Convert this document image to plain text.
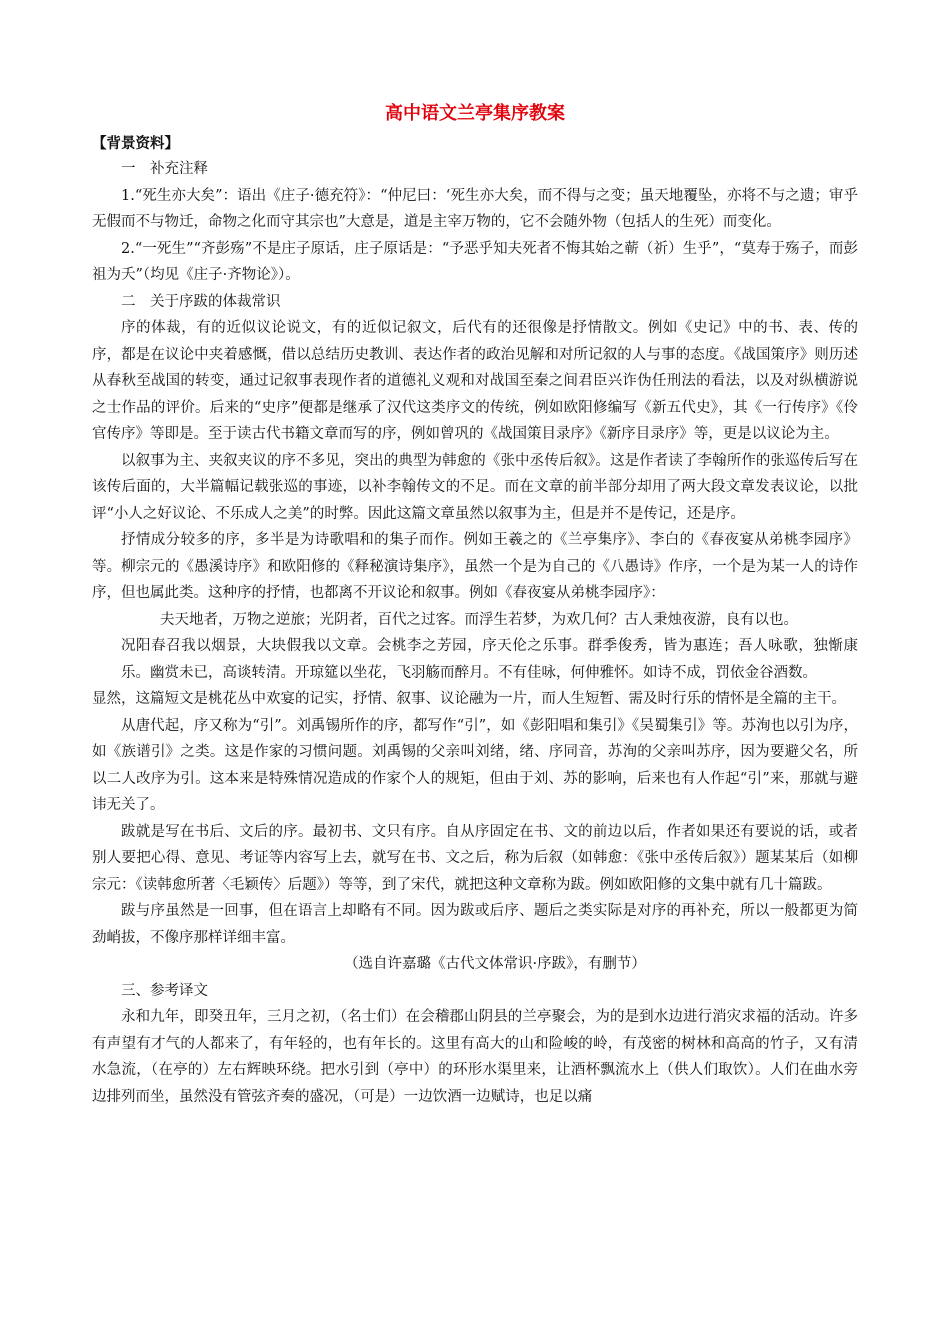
高中语文兰亭集序教案
【背景资料】
一　补充注释

1.“死生亦大矣”：语出《庄子·德充符》：“仲尼曰：‘死生亦大矣，而不得与之变；虽天地覆坠，亦将不与之遗；审乎无假而不与物迁，命物之化而守其宗也”大意是，道是主宰万物的，它不会随外物（包括人的生死）而变化。

2.“一死生”“齐彭殇”不是庄子原话，庄子原话是：“予恶乎知夫死者不悔其始之蕲（祈）生乎”，“莫寿于殇子，而彭祖为夭”（均见《庄子·齐物论》）。

二　关于序跋的体裁常识

序的体裁，有的近似议论说文，有的近似记叙文，后代有的还很像是抒情散文。例如《史记》中的书、表、传的序，都是在议论中夹着感慨，借以总结历史教训、表达作者的政治见解和对所记叙的人与事的态度。《战国策序》则历述从春秋至战国的转变，通过记叙事表现作者的道德礼义观和对战国至秦之间君臣兴诈伪任刑法的看法，以及对纵横游说之士作品的评价。后来的“史序”便都是继承了汉代这类序文的传统，例如欧阳修编写《新五代史》，其《一行传序》《伶官传序》等即是。至于读古代书籍文章而写的序，例如曾巩的《战国策目录序》《新序目录序》等，更是以议论为主。

以叙事为主、夹叙夹议的序不多见，突出的典型为韩愈的《张中丞传后叙》。这是作者读了李翰所作的张巡传后写在该传后面的，大半篇幅记载张巡的事迹，以补李翰传文的不足。而在文章的前半部分却用了两大段文章发表议论，以批评“小人之好议论、不乐成人之美”的时弊。因此这篇文章虽然以叙事为主，但是并不是传记，还是序。

抒情成分较多的序，多半是为诗歌唱和的集子而作。例如王羲之的《兰亭集序》、李白的《春夜宴从弟桃李园序》等。柳宗元的《愚溪诗序》和欧阳修的《释秘演诗集序》，虽然一个是为自己的《八愚诗》作序，一个是为某一人的诗作序，但也属此类。这种序的抒情，也都离不开议论和叙事。例如《春夜宴从弟桃李园序》：

夫天地者，万物之逆旅；光阴者，百代之过客。而浮生若梦，为欢几何？古人秉烛夜游，良有以也。
况阳春召我以烟景，大块假我以文章。会桃李之芳园，序天伦之乐事。群季俊秀，皆为惠连；吾人咏歌，独惭康乐。幽赏未已，高谈转清。开琼筵以坐花，飞羽觞而醉月。不有佳咏，何伸雅怀。如诗不成，罚依金谷酒数。

显然，这篇短文是桃花丛中欢宴的记实，抒情、叙事、议论融为一片，而人生短暂、需及时行乐的情怀是全篇的主干。

从唐代起，序又称为“引”。刘禹锡所作的序，都写作“引”，如《彭阳唱和集引》《吴蜀集引》等。苏洵也以引为序，如《族谱引》之类。这是作家的习惯问题。刘禹锡的父亲叫刘绪，绪、序同音，苏洵的父亲叫苏序，因为要避父名，所以二人改序为引。这本来是特殊情况造成的作家个人的规矩，但由于刘、苏的影响，后来也有人作起“引”来，那就与避讳无关了。

跋就是写在书后、文后的序。最初书、文只有序。自从序固定在书、文的前边以后，作者如果还有要说的话，或者别人要把心得、意见、考证等内容写上去，就写在书、文之后，称为后叙（如韩愈：《张中丞传后叙》）题某某后（如柳宗元：《读韩愈所著〈毛颖传〉后题》）等等，到了宋代，就把这种文章称为跋。例如欧阳修的文集中就有几十篇跋。

跋与序虽然是一回事，但在语言上却略有不同。因为跋或后序、题后之类实际是对序的再补充，所以一般都更为简劲峭拔，不像序那样详细丰富。

（选自许嘉璐《古代文体常识·序跋》，有删节）
三、参考译文

永和九年，即癸丑年，三月之初，（名士们）在会稽郡山阴县的兰亭聚会，为的是到水边进行消灾求福的活动。许多有声望有才气的人都来了，有年轻的，也有年长的。这里有高大的山和险峻的岭，有茂密的树林和高高的竹子，又有清水急流，（在亭的）左右辉映环绕。把水引到（亭中）的环形水渠里来，让酒杯飘流水上（供人们取饮）。人们在曲水旁边排列而坐，虽然没有管弦齐奏的盛况，（可是）一边饮酒一边赋诗，也足以痛
